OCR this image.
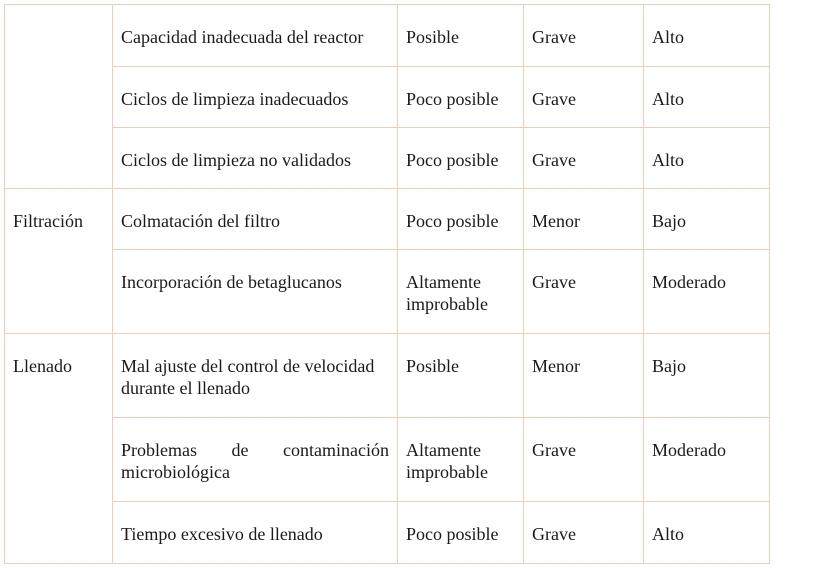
	Capacidad inadecuada del reactor	Posible	Grave	Alto
	Ciclos de limpieza inadecuados	Poco posible	Grave	Alto
	Ciclos de limpieza no validados	Poco posible	Grave	Alto
Filtración	Colmatación del filtro	Poco posible	Menor	Bajo
	Incorporación de betaglucanos	Altamente improbable	Grave	Moderado
Llenado	Mal ajuste del control de velocidad durante el llenado	Posible	Menor	Bajo
	Problemas de contaminación microbiológica	Altamente improbable	Grave	Moderado
	Tiempo excesivo de llenado	Poco posible	Grave	Alto
